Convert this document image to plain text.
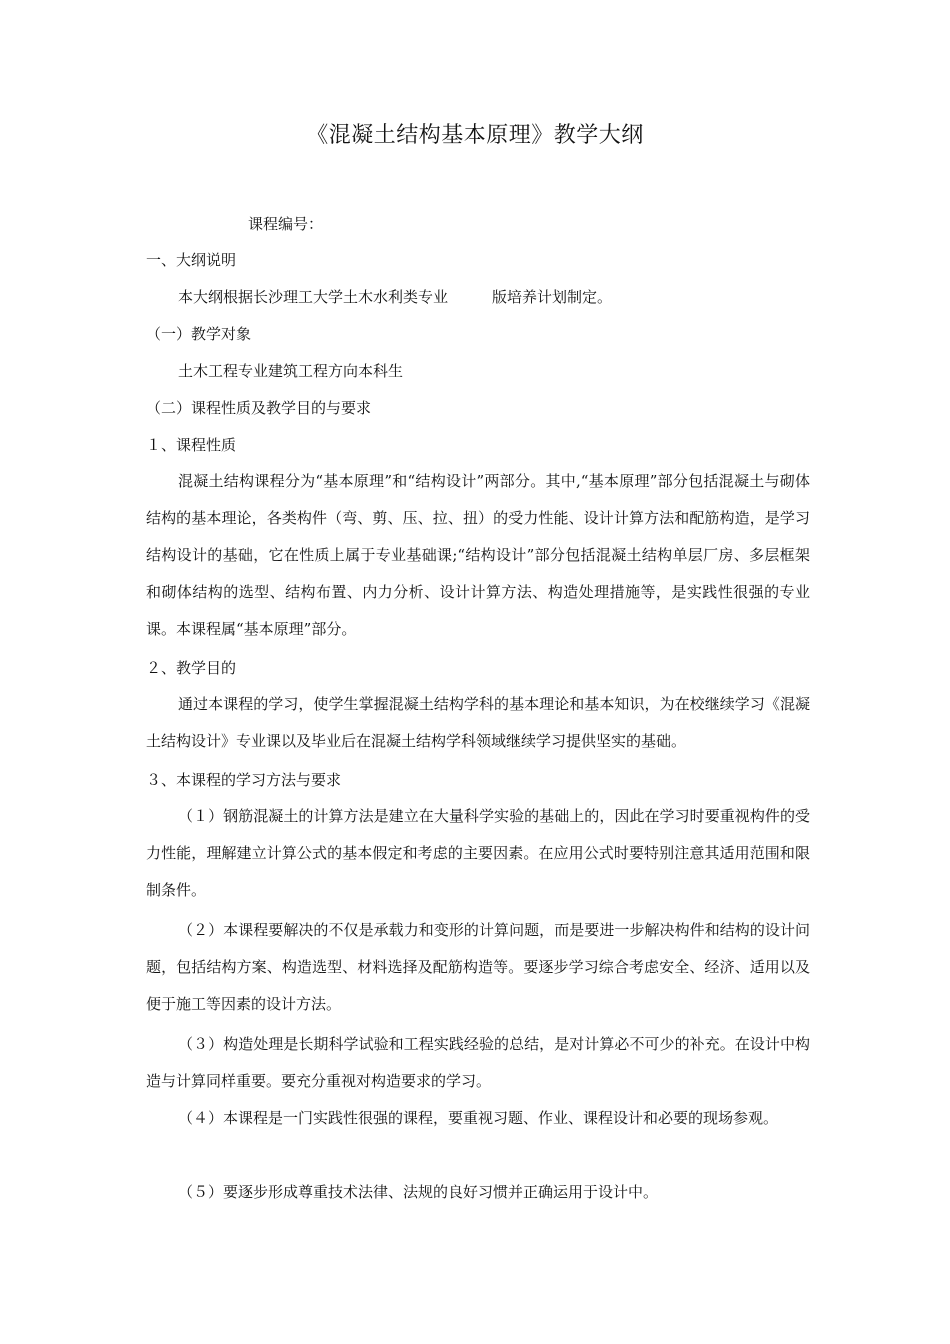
《混凝土结构基本原理》教学大纲
课程编号：
一、大纲说明
本大纲根据长沙理工大学土木水利类专业	版培养计划制定。
（一）教学对象
土木工程专业建筑工程方向本科生
（二）课程性质及教学目的与要求
１、课程性质
混凝土结构课程分为“基本原理”和“结构设计”两部分。其中,“基本原理”部分包括混凝土与砌体结构的基本理论，各类构件（弯、剪、压、拉、扭）的受力性能、设计计算方法和配筋构造，是学习结构设计的基础，它在性质上属于专业基础课;“结构设计”部分包括混凝土结构单层厂房、多层框架和砌体结构的选型、结构布置、内力分析、设计计算方法、构造处理措施等，是实践性很强的专业课。本课程属“基本原理”部分。
２、教学目的
通过本课程的学习，使学生掌握混凝土结构学科的基本理论和基本知识，为在校继续学习《混凝土结构设计》专业课以及毕业后在混凝土结构学科领域继续学习提供坚实的基础。
３、本课程的学习方法与要求
（１）钢筋混凝土的计算方法是建立在大量科学实验的基础上的，因此在学习时要重视构件的受力性能，理解建立计算公式的基本假定和考虑的主要因素。在应用公式时要特别注意其适用范围和限制条件。
（２）本课程要解决的不仅是承载力和变形的计算问题，而是要进一步解决构件和结构的设计问题，包括结构方案、构造选型、材料选择及配筋构造等。要逐步学习综合考虑安全、经济、适用以及便于施工等因素的设计方法。
（３）构造处理是长期科学试验和工程实践经验的总结，是对计算必不可少的补充。在设计中构造与计算同样重要。要充分重视对构造要求的学习。
（４）本课程是一门实践性很强的课程，要重视习题、作业、课程设计和必要的现场参观。
（５）要逐步形成尊重技术法律、法规的良好习惯并正确运用于设计中。
